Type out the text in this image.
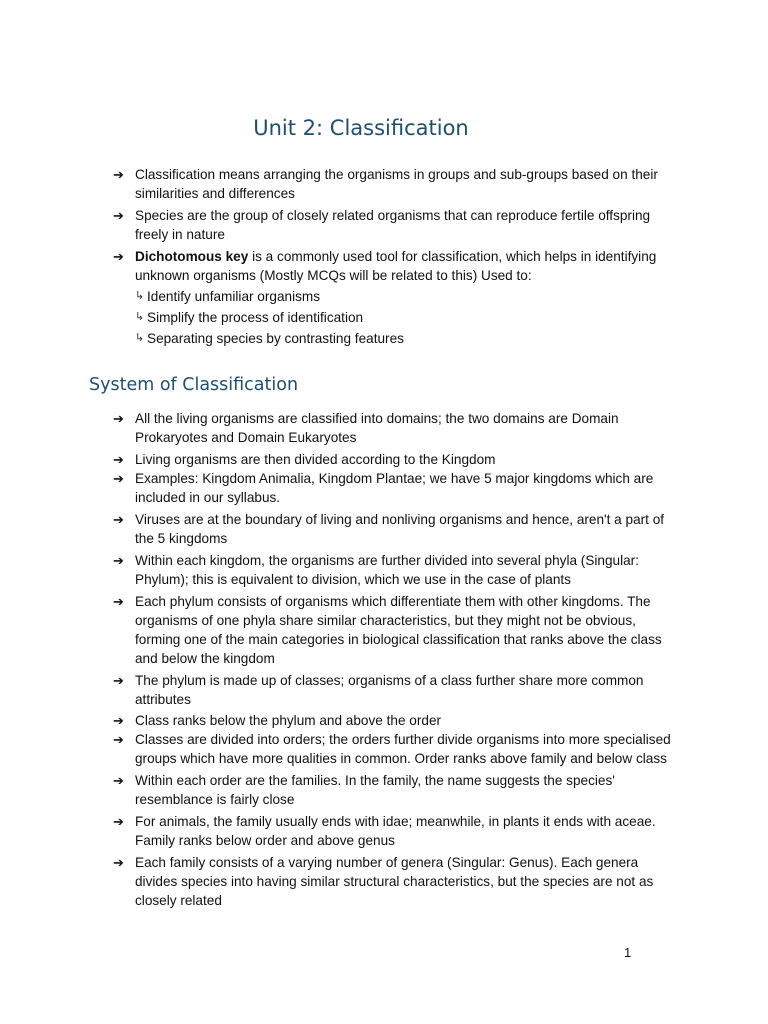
Unit 2: Classification
➔ Classification means arranging the organisms in groups and sub-groups based on their similarities and differences
➔ Species are the group of closely related organisms that can reproduce fertile offspring freely in nature
➔ Dichotomous key is a commonly used tool for classification, which helps in identifying unknown organisms (Mostly MCQs will be related to this) Used to:
↳ Identify unfamiliar organisms
↳ Simplify the process of identification
↳ Separating species by contrasting features
System of Classification
➔ All the living organisms are classified into domains; the two domains are Domain Prokaryotes and Domain Eukaryotes
➔ Living organisms are then divided according to the Kingdom
➔ Examples: Kingdom Animalia, Kingdom Plantae; we have 5 major kingdoms which are included in our syllabus.
➔ Viruses are at the boundary of living and nonliving organisms and hence, aren't a part of the 5 kingdoms
➔ Within each kingdom, the organisms are further divided into several phyla (Singular: Phylum); this is equivalent to division, which we use in the case of plants
➔ Each phylum consists of organisms which differentiate them with other kingdoms. The organisms of one phyla share similar characteristics, but they might not be obvious, forming one of the main categories in biological classification that ranks above the class and below the kingdom
➔ The phylum is made up of classes; organisms of a class further share more common attributes
➔ Class ranks below the phylum and above the order
➔ Classes are divided into orders; the orders further divide organisms into more specialised groups which have more qualities in common. Order ranks above family and below class
➔ Within each order are the families. In the family, the name suggests the species' resemblance is fairly close
➔ For animals, the family usually ends with idae; meanwhile, in plants it ends with aceae. Family ranks below order and above genus
➔ Each family consists of a varying number of genera (Singular: Genus). Each genera divides species into having similar structural characteristics, but the species are not as closely related
1
